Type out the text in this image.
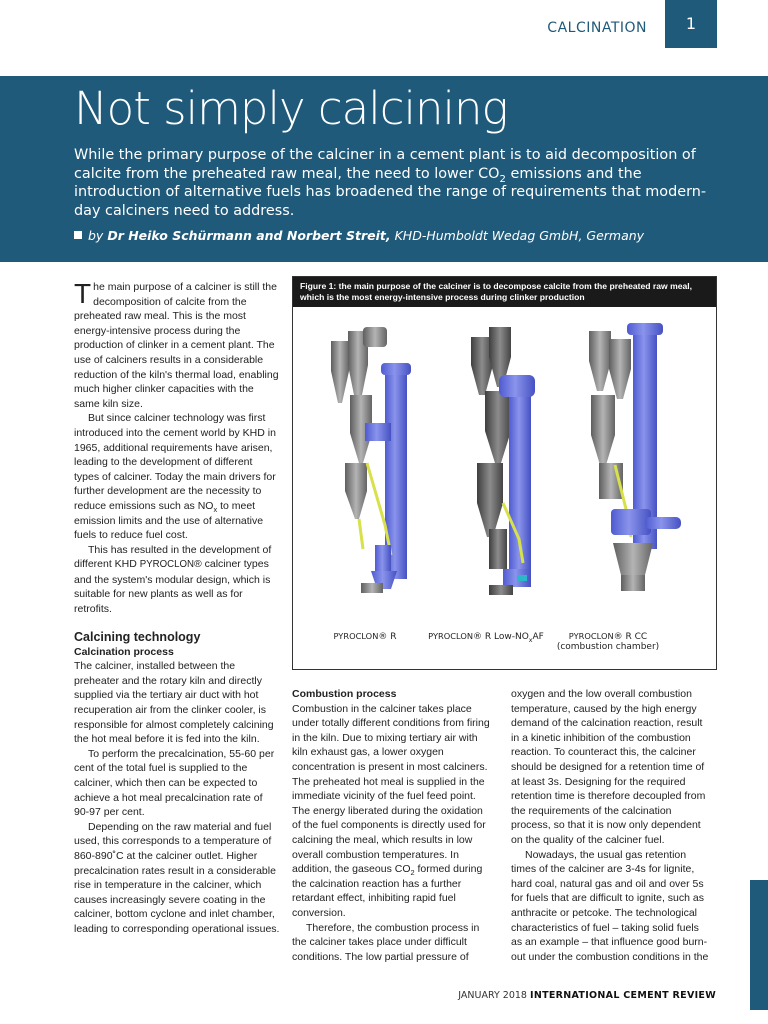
CALCINATION	1
Not simply calcining
While the primary purpose of the calciner in a cement plant is to aid decomposition of calcite from the preheated raw meal, the need to lower $CO_2$ emissions and the introduction of alternative fuels has broadened the range of requirements that modern-day calciners need to address.
by Dr Heiko Schürmann and Norbert Streit, KHD-Humboldt Wedag GmbH, Germany

The main purpose of a calciner is still the decomposition of calcite from the preheated raw meal. This is the most energy-intensive process during the production of clinker in a cement plant. The use of calciners results in a considerable reduction of the kiln's thermal load, enabling much higher clinker capacities with the same kiln size.

But since calciner technology was first introduced into the cement world by KHD in 1965, additional requirements have arisen, leading to the development of different types of calciner. Today the main drivers for further development are the necessity to reduce emissions such as $NO_x$ to meet emission limits and the use of alternative fuels to reduce fuel cost.

This has resulted in the development of different KHD PYROCLON® calciner types and the system's modular design, which is suitable for new plants as well as for retrofits.

Calcining technology
Calcination process

The calciner, installed between the preheater and the rotary kiln and directly supplied via the tertiary air duct with hot recuperation air from the clinker cooler, is responsible for almost completely calcining the hot meal before it is fed into the kiln.

To perform the precalcination, 55-60 per cent of the total fuel is supplied to the calciner, which then can be expected to achieve a hot meal precalcination rate of 90-97 per cent.

Depending on the raw material and fuel used, this corresponds to a temperature of 860-890˚C at the calciner outlet. Higher precalcination rates result in a considerable rise in temperature in the calciner, which causes increasingly severe coating in the calciner, bottom cyclone and inlet chamber, leading to corresponding operational issues.

Figure 1: the main purpose of the calciner is to decompose calcite from the preheated raw meal, which is the most energy-intensive process during clinker production
PYROCLON® R	PYROCLON® R Low-$NO_xAF$	PYROCLON® R CC
(combustion chamber)
Combustion process

Combustion in the calciner takes place under totally different conditions from firing in the kiln. Due to mixing tertiary air with kiln exhaust gas, a lower oxygen concentration is present in most calciners. The preheated hot meal is supplied in the immediate vicinity of the fuel feed point. The energy liberated during the oxidation of the fuel components is directly used for calcining the meal, which results in low overall combustion temperatures. In addition, the gaseous $CO_2$ formed during the calcination reaction has a further retardant effect, inhibiting rapid fuel conversion.

Therefore, the combustion process in the calciner takes place under difficult conditions. The low partial pressure of

oxygen and the low overall combustion temperature, caused by the high energy demand of the calcination reaction, result in a kinetic inhibition of the combustion reaction. To counteract this, the calciner should be designed for a retention time of at least 3s. Designing for the required retention time is therefore decoupled from the requirements of the calcination process, so that it is now only dependent on the quality of the calciner fuel.

Nowadays, the usual gas retention times of the calciner are 3-4s for lignite, hard coal, natural gas and oil and over 5s for fuels that are difficult to ignite, such as anthracite or petcoke. The technological characteristics of fuel – taking solid fuels as an example – that influence good burn-out under the combustion conditions in the

JANUARY 2018 INTERNATIONAL CEMENT REVIEW
